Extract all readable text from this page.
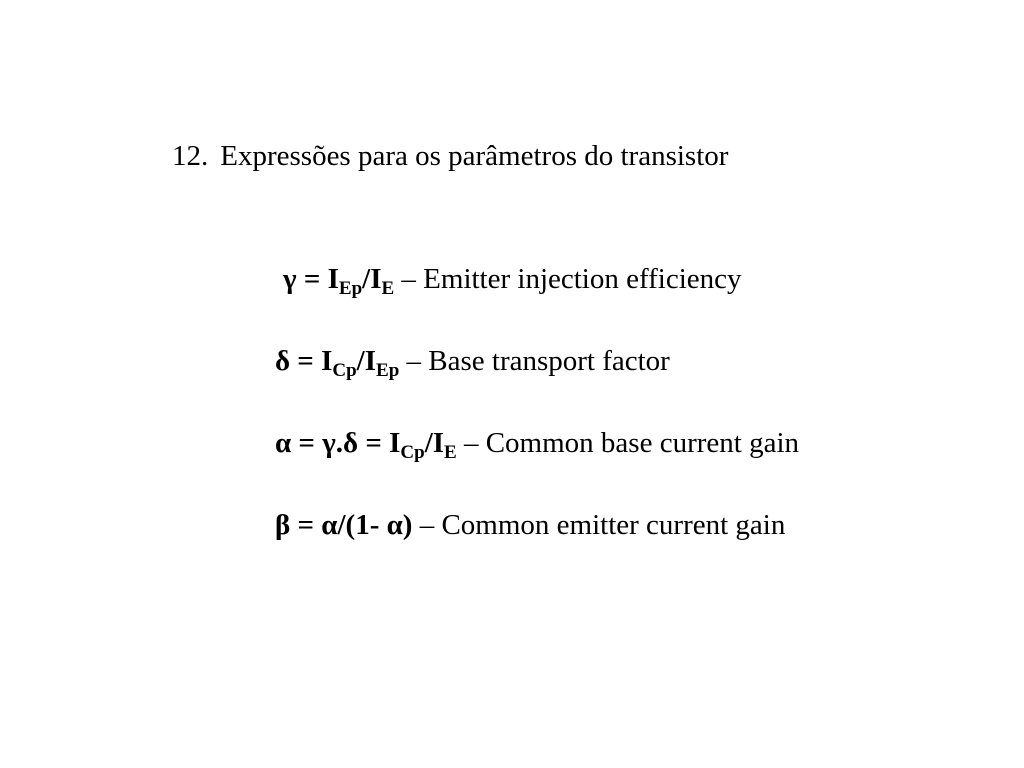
12. Expressões para os parâmetros do transistor
$\gamma = I_{Ep}/I_E$ – Emitter injection efficiency
$\delta = I_{Cp}/I_{Ep}$ – Base transport factor
$\alpha = \gamma.\delta = I_{Cp}/I_E$ – Common base current gain
β = α/(1- α) – Common emitter current gain
